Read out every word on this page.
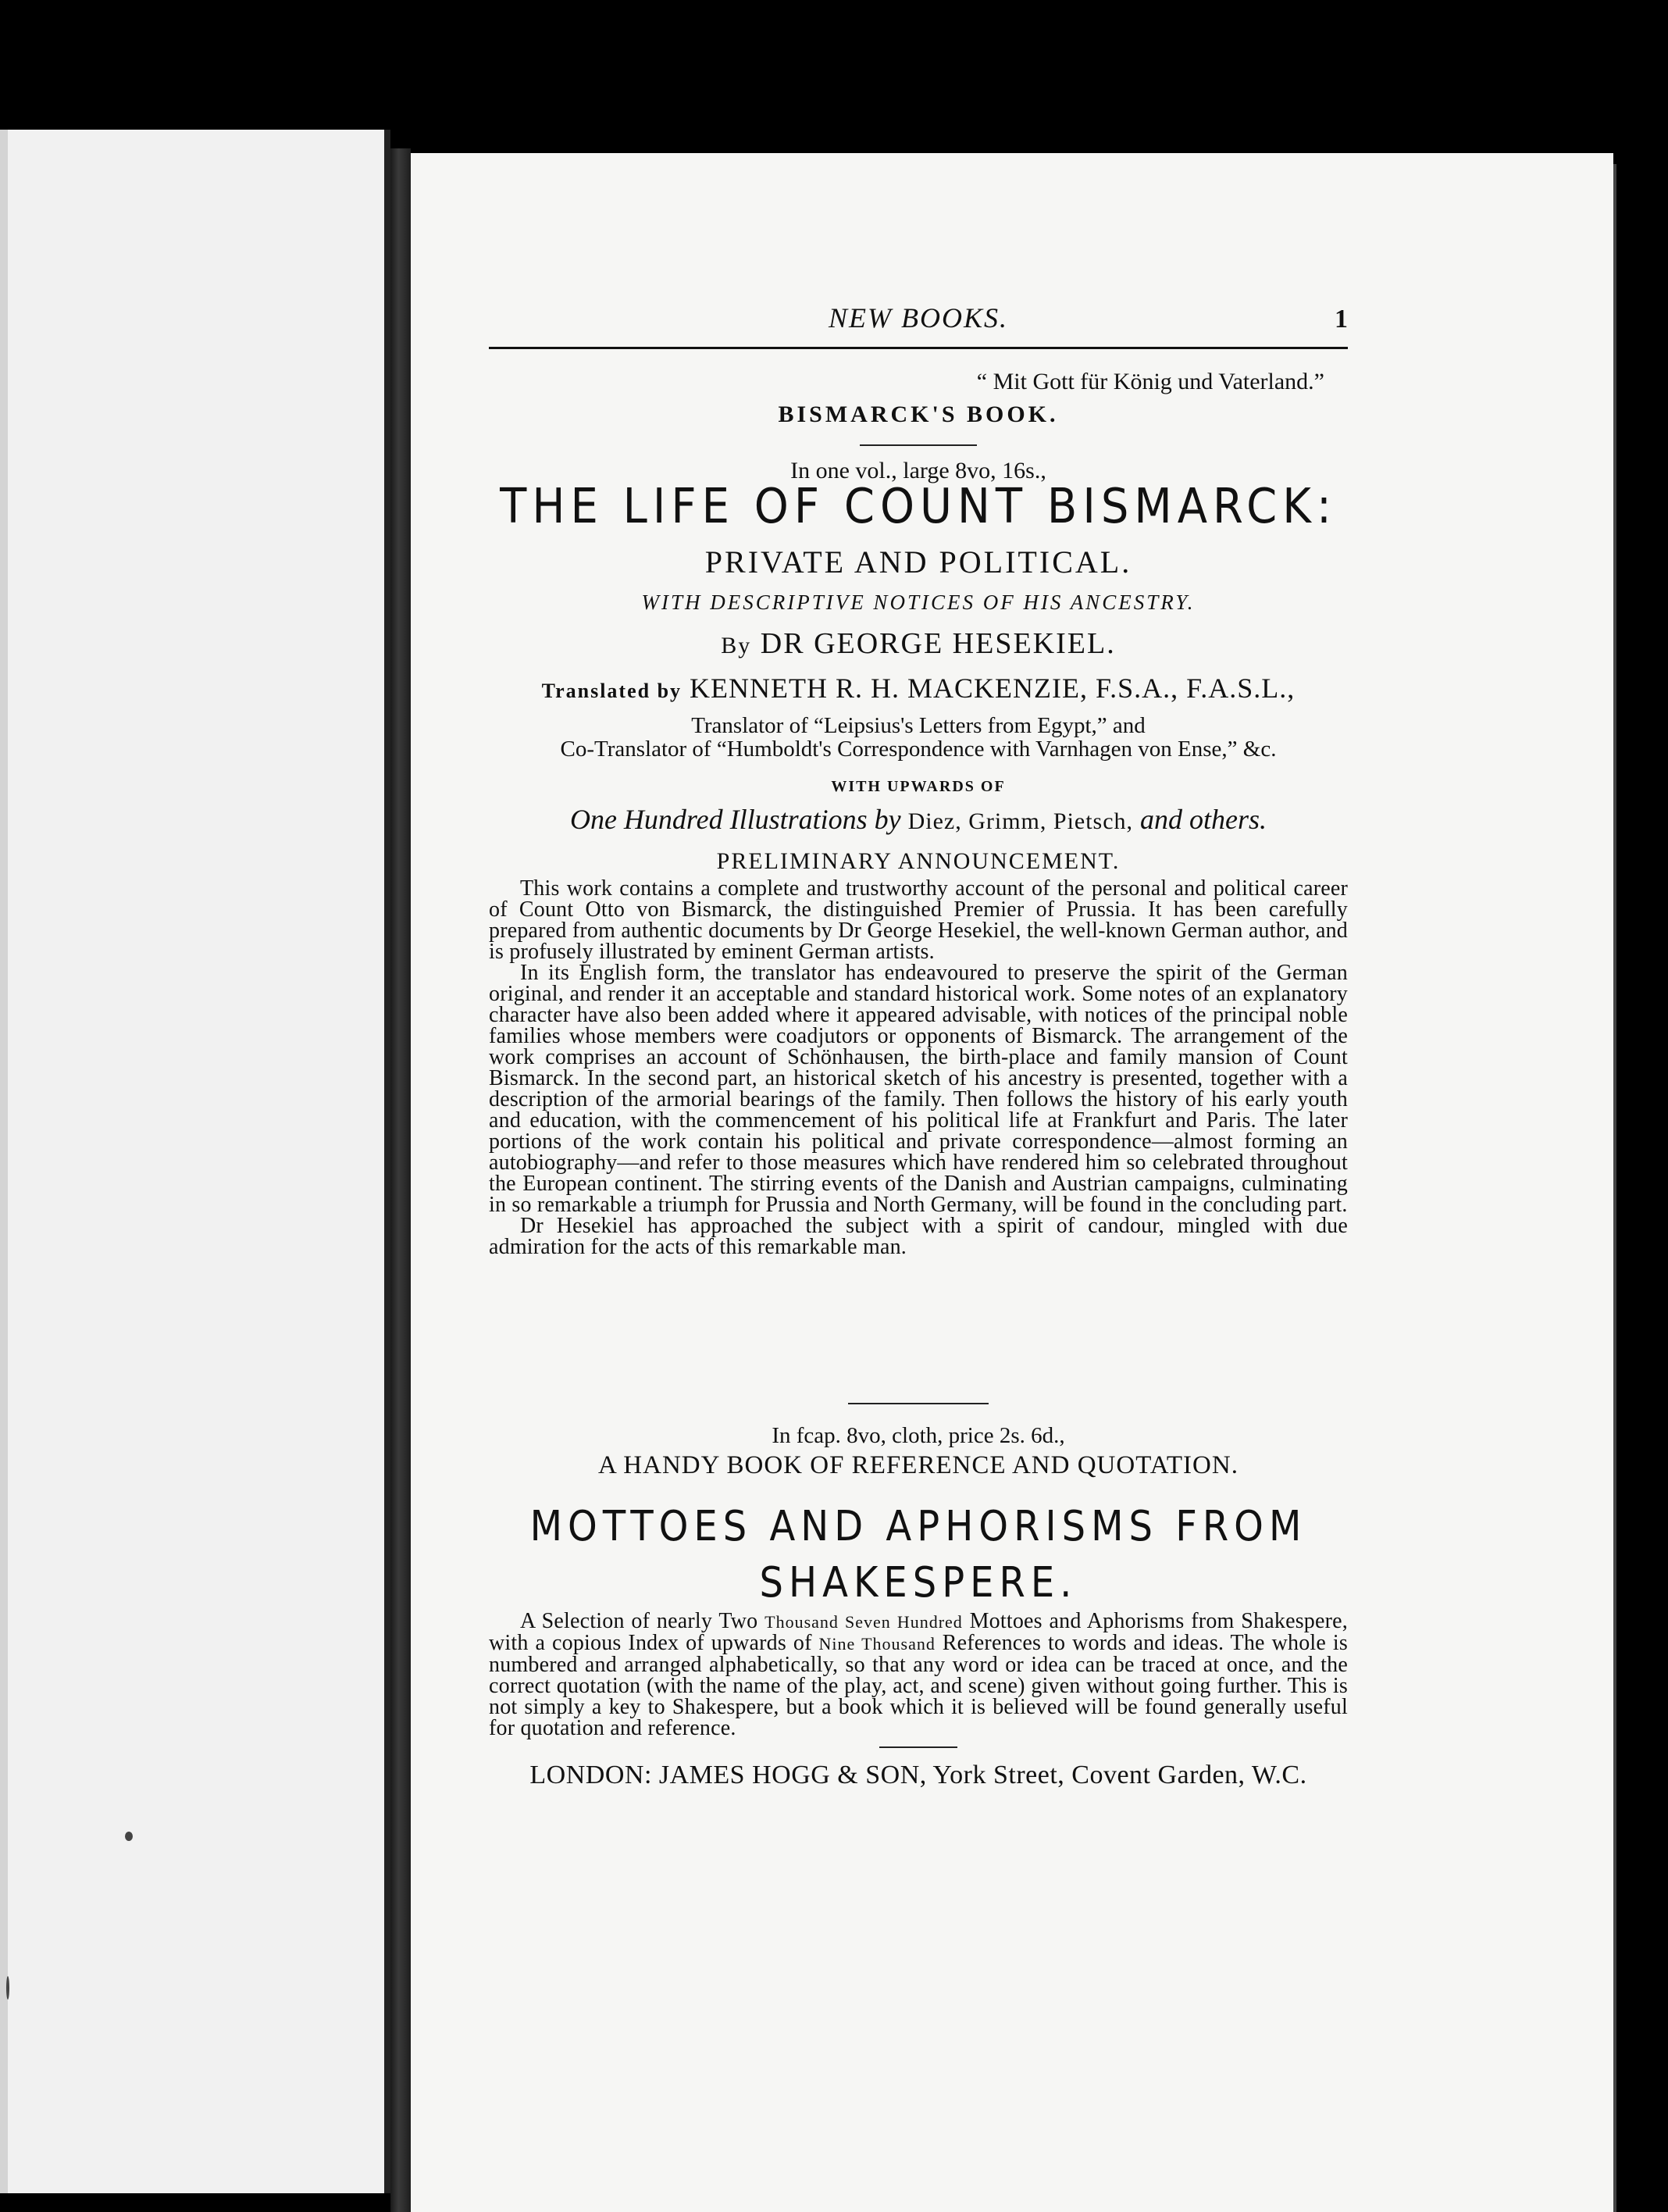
NEW BOOKS.	1
“ Mit Gott für König und Vaterland.”
BISMARCK'S BOOK.
In one vol., large 8vo, 16s.,
THE LIFE OF COUNT BISMARCK:
PRIVATE AND POLITICAL.
WITH DESCRIPTIVE NOTICES OF HIS ANCESTRY.
By DR GEORGE HESEKIEL.
Translated by KENNETH R. H. MACKENZIE, F.S.A., F.A.S.L.,
Translator of “Leipsius's Letters from Egypt,” and
Co-Translator of “Humboldt's Correspondence with Varnhagen von Ense,” &c.
WITH UPWARDS OF
One Hundred Illustrations by Diez, Grimm, Pietsch, and others.
PRELIMINARY ANNOUNCEMENT.

This work contains a complete and trustworthy account of the personal and political career of Count Otto von Bismarck, the distinguished Premier of Prussia. It has been carefully prepared from authentic documents by Dr George Hesekiel, the well-known German author, and is profusely illustrated by eminent German artists.

In its English form, the translator has endeavoured to preserve the spirit of the German original, and render it an acceptable and standard historical work. Some notes of an explanatory character have also been added where it appeared advisable, with notices of the principal noble families whose members were coadjutors or opponents of Bismarck. The arrangement of the work comprises an account of Schönhausen, the birth-place and family mansion of Count Bismarck. In the second part, an historical sketch of his ancestry is presented, together with a description of the armorial bearings of the family. Then follows the history of his early youth and education, with the commencement of his political life at Frankfurt and Paris. The later portions of the work contain his political and private correspondence—almost forming an autobiography—and refer to those measures which have rendered him so celebrated throughout the European continent. The stirring events of the Danish and Austrian campaigns, culminating in so remarkable a triumph for Prussia and North Germany, will be found in the concluding part.

Dr Hesekiel has approached the subject with a spirit of candour, mingled with due admiration for the acts of this remarkable man.

In fcap. 8vo, cloth, price 2s. 6d.,
A HANDY BOOK OF REFERENCE AND QUOTATION.
MOTTOES AND APHORISMS FROM
SHAKESPERE.

A Selection of nearly Two Thousand Seven Hundred Mottoes and Aphorisms from Shakespere, with a copious Index of upwards of Nine Thousand References to words and ideas. The whole is numbered and arranged alphabetically, so that any word or idea can be traced at once, and the correct quotation (with the name of the play, act, and scene) given without going further. This is not simply a key to Shakespere, but a book which it is believed will be found generally useful for quotation and reference.

LONDON: JAMES HOGG & SON, York Street, Covent Garden, W.C.
